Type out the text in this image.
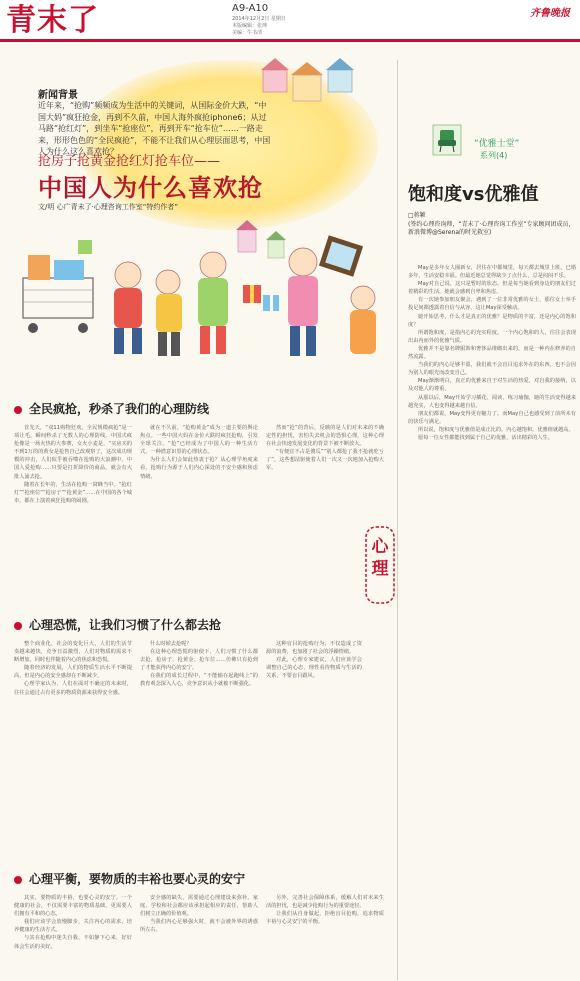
青末了	A9-A10
2014年12月2日 星期日
本版编辑：张坤
美编：牛书清
齐鲁晚报
新闻背景
近年来，“抢购”频频成为生活中的关键词，从国际金价大跌，“中国大妈”疯狂抢金，再到不久前，中国人海外疯抢iphone6；从过马路“抢红灯”，到坐车“抢座位”，再到开车“抢车位”……一路走来，形形色色的“全民疯抢”，不能不让我们从心理层面思考，中国人为什么这么喜欢抢？
抢房子抢黄金抢红灯抢车位——
中国人为什么喜欢抢
文/明 心广青未了·心理咨询工作室“特约作者”
全民疯抢，秒杀了我们的心理防线
首先天，“双11购物狂欢，全民规模疯抢”是一项让毛，瞬间秒杀了无数人的心理防线。中国式疯抢像是一场火热的大参赛，女火小麦是，“买房买的不到1万的的黄女是抢售自己改观察了，这次成功规模的冲击，人们似乎被吞噬在抢购的大浪潮中。中国人爱抢购……只要是打折降价的商品，就会有大批人涌去抢。
随着在长年的，生活在抢购一窝蜂当中。“抢红灯”“抢座位”“抢房子”“抢黄金”……在中国的各个城市，都在上演着疯狂抢购的闹剧。
就在不久前，“抢购黄金”成为一道主要的舆论焦点。一些中国大妈在金价大跌时疯狂抢购，引发全球关注。“抢”已经成为了中国人的一种生活方式，一种潜意识里的心理状态。
为什么人们会如此热衷于抢？从心理学角度来看，抢购行为源于人们内心深处的不安全感和焦虑情绪。
然而“抢”的背后，反映的是人们对未来的不确定性的担忧，害怕失去机会的恐惧心理。这种心理在社会快速发展变化的背景下被不断放大。
“有便宜不占是傻瓜”“别人都抢了我不抢就吃亏了”，这些想法驱使着人们一次又一次地加入抢购大军。
心理恐慌，让我们习惯了什么都去抢
整个商业化，社会的变化巨大，人们的生活节奏越来越快，竞争日益激烈，人们对物质的需求不断增加，同时也伴随着内心的焦虑和恐慌。
随着经济的发展，人们的物质生活水平不断提高，但是内心的安全感却在不断减少。
心理学家认为，人们在面对不确定的未来时，往往会通过占有更多的物质资源来获得安全感。
什么时候去抢呢？
在这种心理恐慌的驱使下，人们习惯了什么都去抢，抢房子、抢黄金、抢车位……仿佛只有抢到了才能获得内心的安宁。
在我们的成长过程中，“不能输在起跑线上”的教育观念深入人心，竞争意识从小就被不断强化。
这种盲目的抢购行为，不仅造成了资源的浪费，也加剧了社会的浮躁情绪。
对此，心理专家建议，人们应该学会调整自己的心态，理性看待物质与生活的关系，不要盲目跟风。
心理平衡，要物质的丰裕也要心灵的安宁
其实，要物质的丰裕，也要心灵的安宁。一个健康的社会，不仅需要丰富的物质基础，更需要人们拥有平和的心态。
我们应该学会放慢脚步，关注内心的需求，培养健康的生活方式。
与其在抢购中迷失自我，不如静下心来，好好体会生活的美好。
安全感的缺失，需要通过心理建设来弥补。家庭、学校和社会都应该承担起相应的责任，帮助人们树立正确的价值观。
当我们内心足够强大时，就不会被外界的诱惑所左右。
另外，完善社会保障体系，缓解人们对未来生活的担忧，也是减少抢购行为的重要途径。
让我们从自身做起，拒绝盲目抢购，追求物质丰裕与心灵安宁的平衡。
心理
“优雅士堂”
系列(4)
饱和度vs优雅值
□蒋颖
(签约心理咨询师，“青未了·心理咨询工作室”专家顾问团成员，新浪微博@Serena的时光救室)
May是多年女人圈新女，居住在中都城里，每天都去城里上班，已婚多年，生活安稳幸福。但最近她总觉得缺少了点什么，总是闷闷不乐。
May对自己说，这只是暂时的状态。但是每当她看到身边的朋友们过着精彩的生活，她就会感到自卑和焦虑。
有一次她参加朋友聚会，遇到了一位非常优雅的女士，那位女士举手投足间都透露着自信与从容，这让May深受触动。
她开始思考，什么才是真正的优雅？是物质的丰富，还是内心的饱和度？
所谓饱和度，是指内心的充实程度。一个内心饱和的人，往往会表现出由内而外的优雅气质。
优雅并不是靠名牌服饰和奢侈品堆砌出来的，而是一种内在修养的自然流露。
当我们的内心足够丰盈，我们就不会盲目追求外在的东西，也不会因为别人的眼光而改变自己。
May渐渐明白，真正的优雅来自于对生活的热爱，对自我的接纳，以及对他人的尊重。
从那以后，May开始学习插花、阅读、练习瑜伽，她的生活变得越来越充实，人也变得越来越自信。
朋友们都说，May变得更有魅力了。而May自己也感受到了前所未有的快乐与满足。
所以说，饱和度与优雅值是成正比的。内心越饱和，优雅值就越高。
愿每一位女性都能找到属于自己的优雅，活出精彩的人生。
